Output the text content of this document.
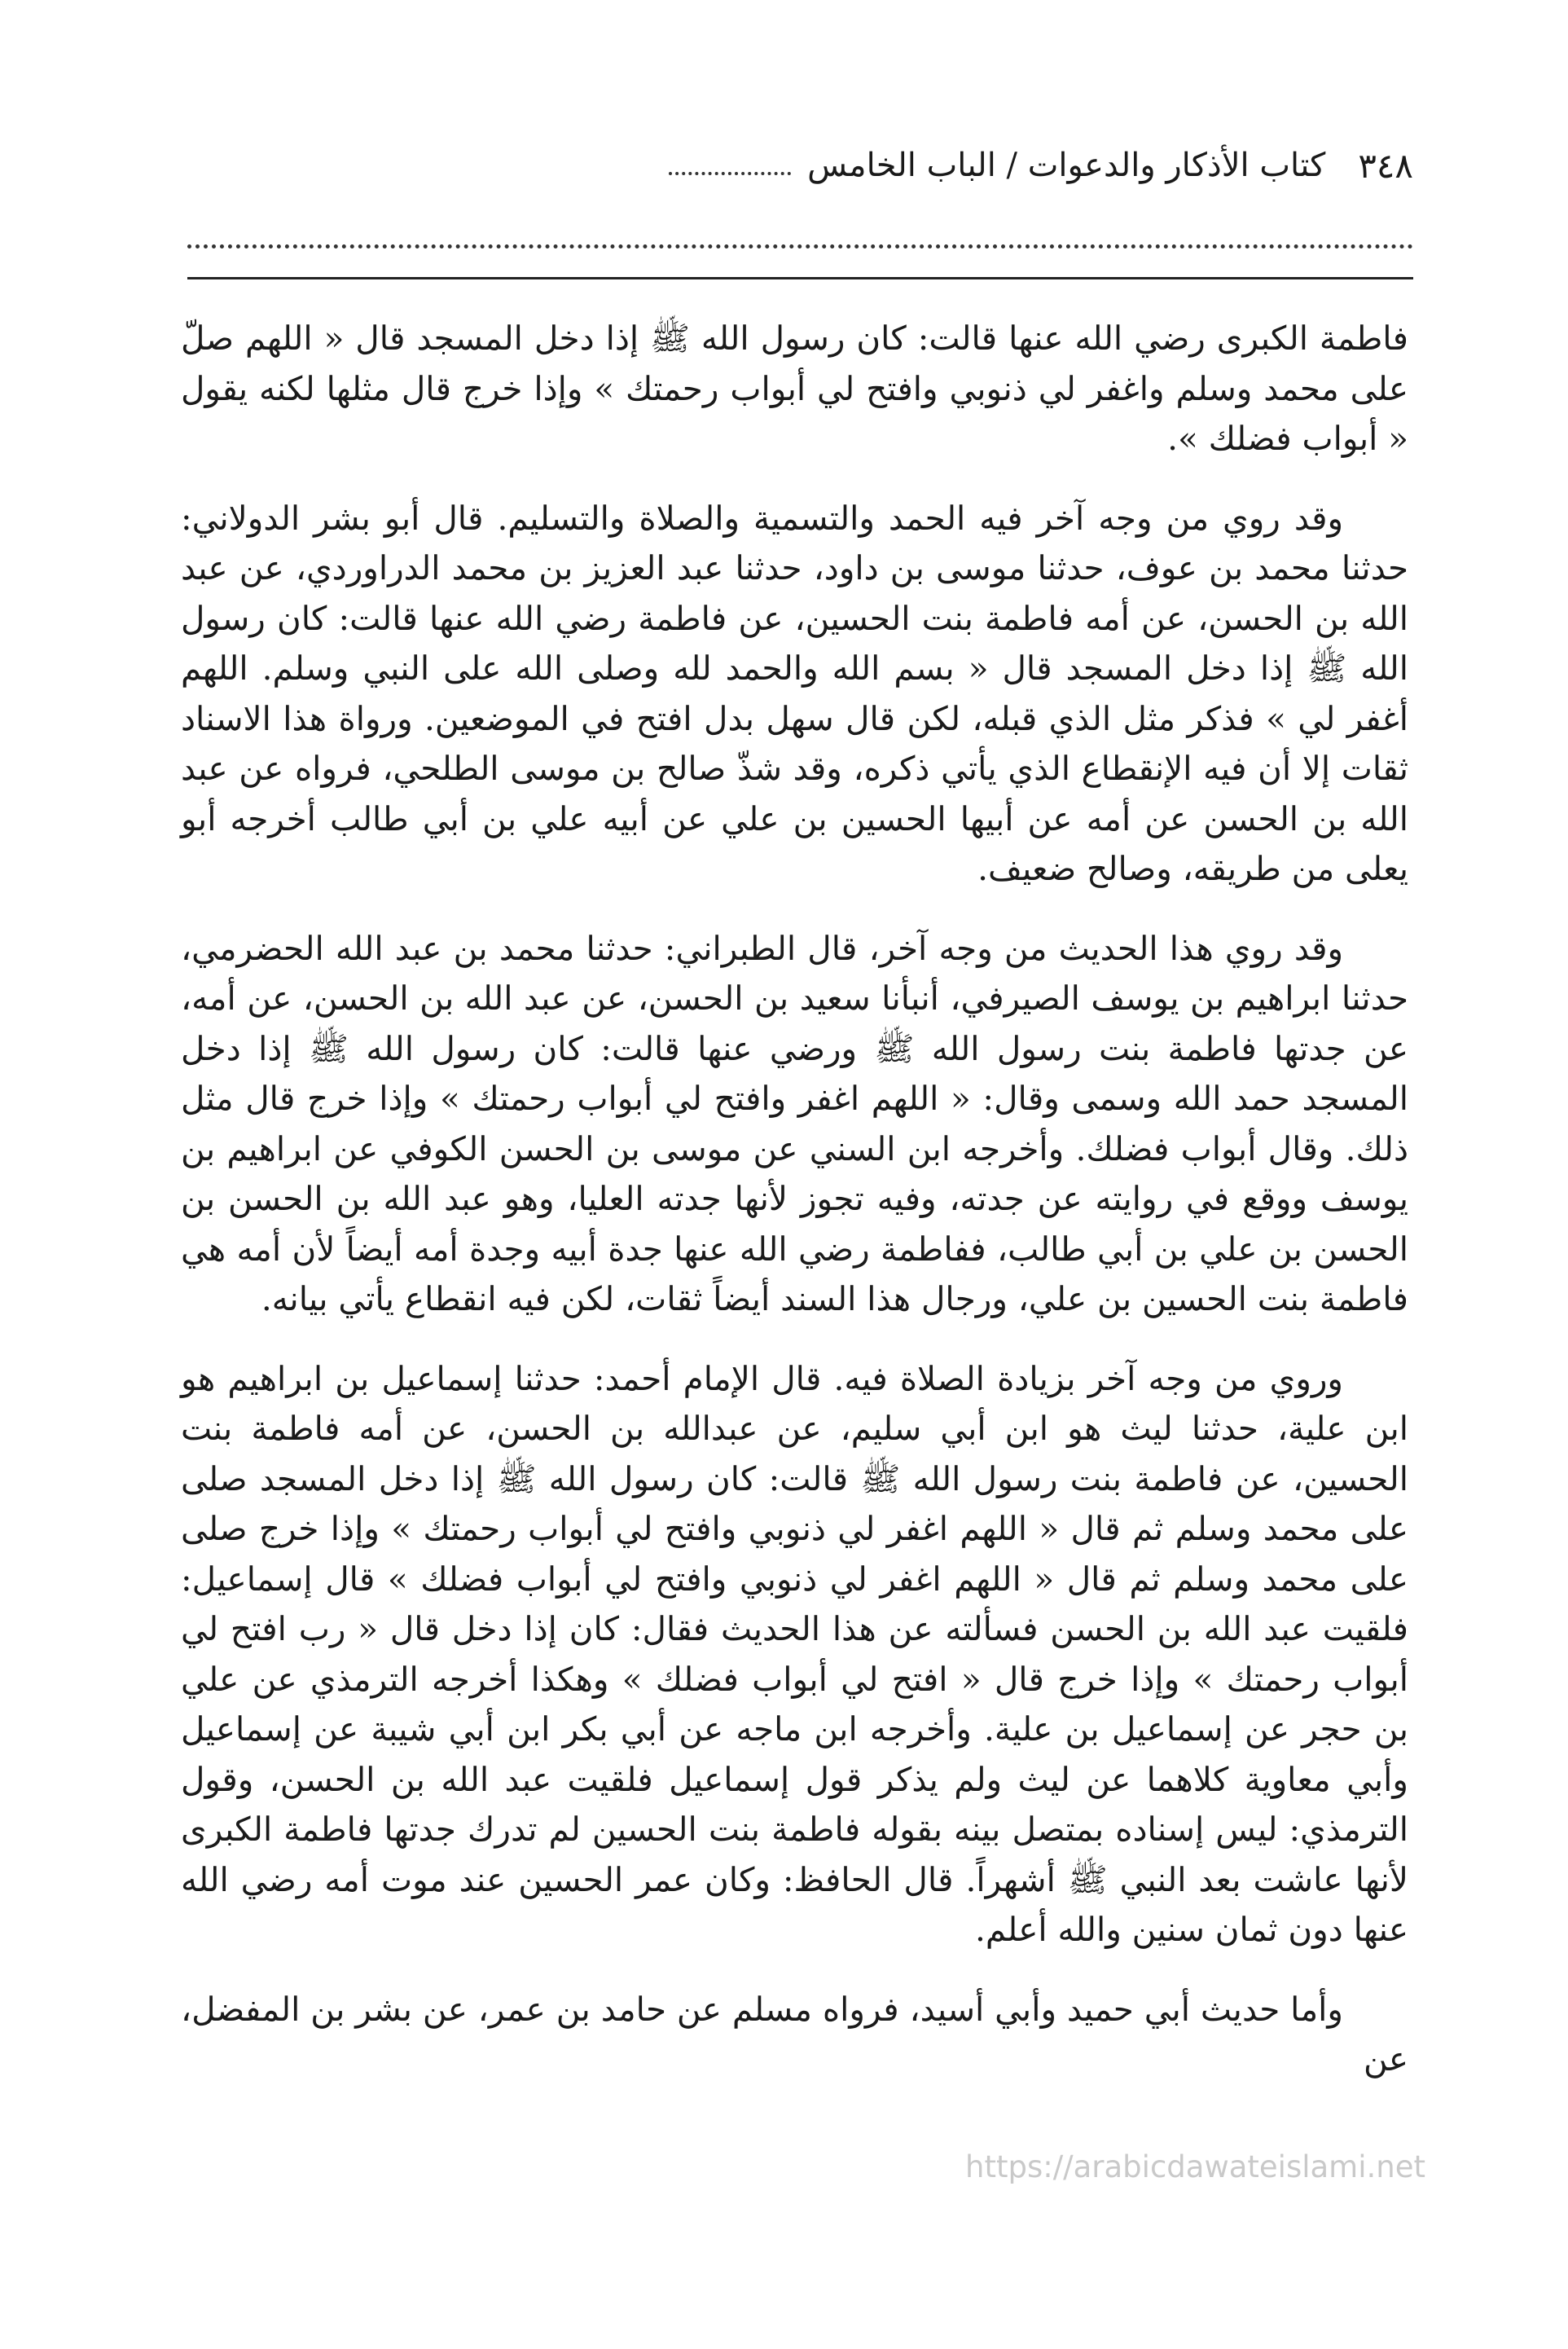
٣٤٨
كتاب الأذكار والدعوات / الباب الخامس

فاطمة الكبرى رضي الله عنها قالت: كان رسول الله ﷺ إذا دخل المسجد قال « اللهم صلّ على محمد وسلم واغفر لي ذنوبي وافتح لي أبواب رحمتك » وإذا خرج قال مثلها لكنه يقول « أبواب فضلك ».

وقد روي من وجه آخر فيه الحمد والتسمية والصلاة والتسليم. قال أبو بشر الدولاني: حدثنا محمد بن عوف، حدثنا موسى بن داود، حدثنا عبد العزيز بن محمد الدراوردي، عن عبد الله بن الحسن، عن أمه فاطمة بنت الحسين، عن فاطمة رضي الله عنها قالت: كان رسول الله ﷺ إذا دخل المسجد قال « بسم الله والحمد لله وصلى الله على النبي وسلم. اللهم أغفر لي » فذكر مثل الذي قبله، لكن قال سهل بدل افتح في الموضعين. ورواة هذا الاسناد ثقات إلا أن فيه الإنقطاع الذي يأتي ذكره، وقد شذّ صالح بن موسى الطلحي، فرواه عن عبد الله بن الحسن عن أمه عن أبيها الحسين بن علي عن أبيه علي بن أبي طالب أخرجه أبو يعلى من طريقه، وصالح ضعيف.

وقد روي هذا الحديث من وجه آخر، قال الطبراني: حدثنا محمد بن عبد الله الحضرمي، حدثنا ابراهيم بن يوسف الصيرفي، أنبأنا سعيد بن الحسن، عن عبد الله بن الحسن، عن أمه، عن جدتها فاطمة بنت رسول الله ﷺ ورضي عنها قالت: كان رسول الله ﷺ إذا دخل المسجد حمد الله وسمى وقال: « اللهم اغفر وافتح لي أبواب رحمتك » وإذا خرج قال مثل ذلك. وقال أبواب فضلك. وأخرجه ابن السني عن موسى بن الحسن الكوفي عن ابراهيم بن يوسف ووقع في روايته عن جدته، وفيه تجوز لأنها جدته العليا، وهو عبد الله بن الحسن بن الحسن بن علي بن أبي طالب، ففاطمة رضي الله عنها جدة أبيه وجدة أمه أيضاً لأن أمه هي فاطمة بنت الحسين بن علي، ورجال هذا السند أيضاً ثقات، لكن فيه انقطاع يأتي بيانه.

وروي من وجه آخر بزيادة الصلاة فيه. قال الإمام أحمد: حدثنا إسماعيل بن ابراهيم هو ابن علية، حدثنا ليث هو ابن أبي سليم، عن عبدالله بن الحسن، عن أمه فاطمة بنت الحسين، عن فاطمة بنت رسول الله ﷺ قالت: كان رسول الله ﷺ إذا دخل المسجد صلى على محمد وسلم ثم قال « اللهم اغفر لي ذنوبي وافتح لي أبواب رحمتك » وإذا خرج صلى على محمد وسلم ثم قال « اللهم اغفر لي ذنوبي وافتح لي أبواب فضلك » قال إسماعيل: فلقيت عبد الله بن الحسن فسألته عن هذا الحديث فقال: كان إذا دخل قال « رب افتح لي أبواب رحمتك » وإذا خرج قال « افتح لي أبواب فضلك » وهكذا أخرجه الترمذي عن علي بن حجر عن إسماعيل بن علية. وأخرجه ابن ماجه عن أبي بكر ابن أبي شيبة عن إسماعيل وأبي معاوية كلاهما عن ليث ولم يذكر قول إسماعيل فلقيت عبد الله بن الحسن، وقول الترمذي: ليس إسناده بمتصل بينه بقوله فاطمة بنت الحسين لم تدرك جدتها فاطمة الكبرى لأنها عاشت بعد النبي ﷺ أشهراً. قال الحافظ: وكان عمر الحسين عند موت أمه رضي الله عنها دون ثمان سنين والله أعلم.

وأما حديث أبي حميد وأبي أسيد، فرواه مسلم عن حامد بن عمر، عن بشر بن المفضل، عن

https://arabicdawateislami.net
